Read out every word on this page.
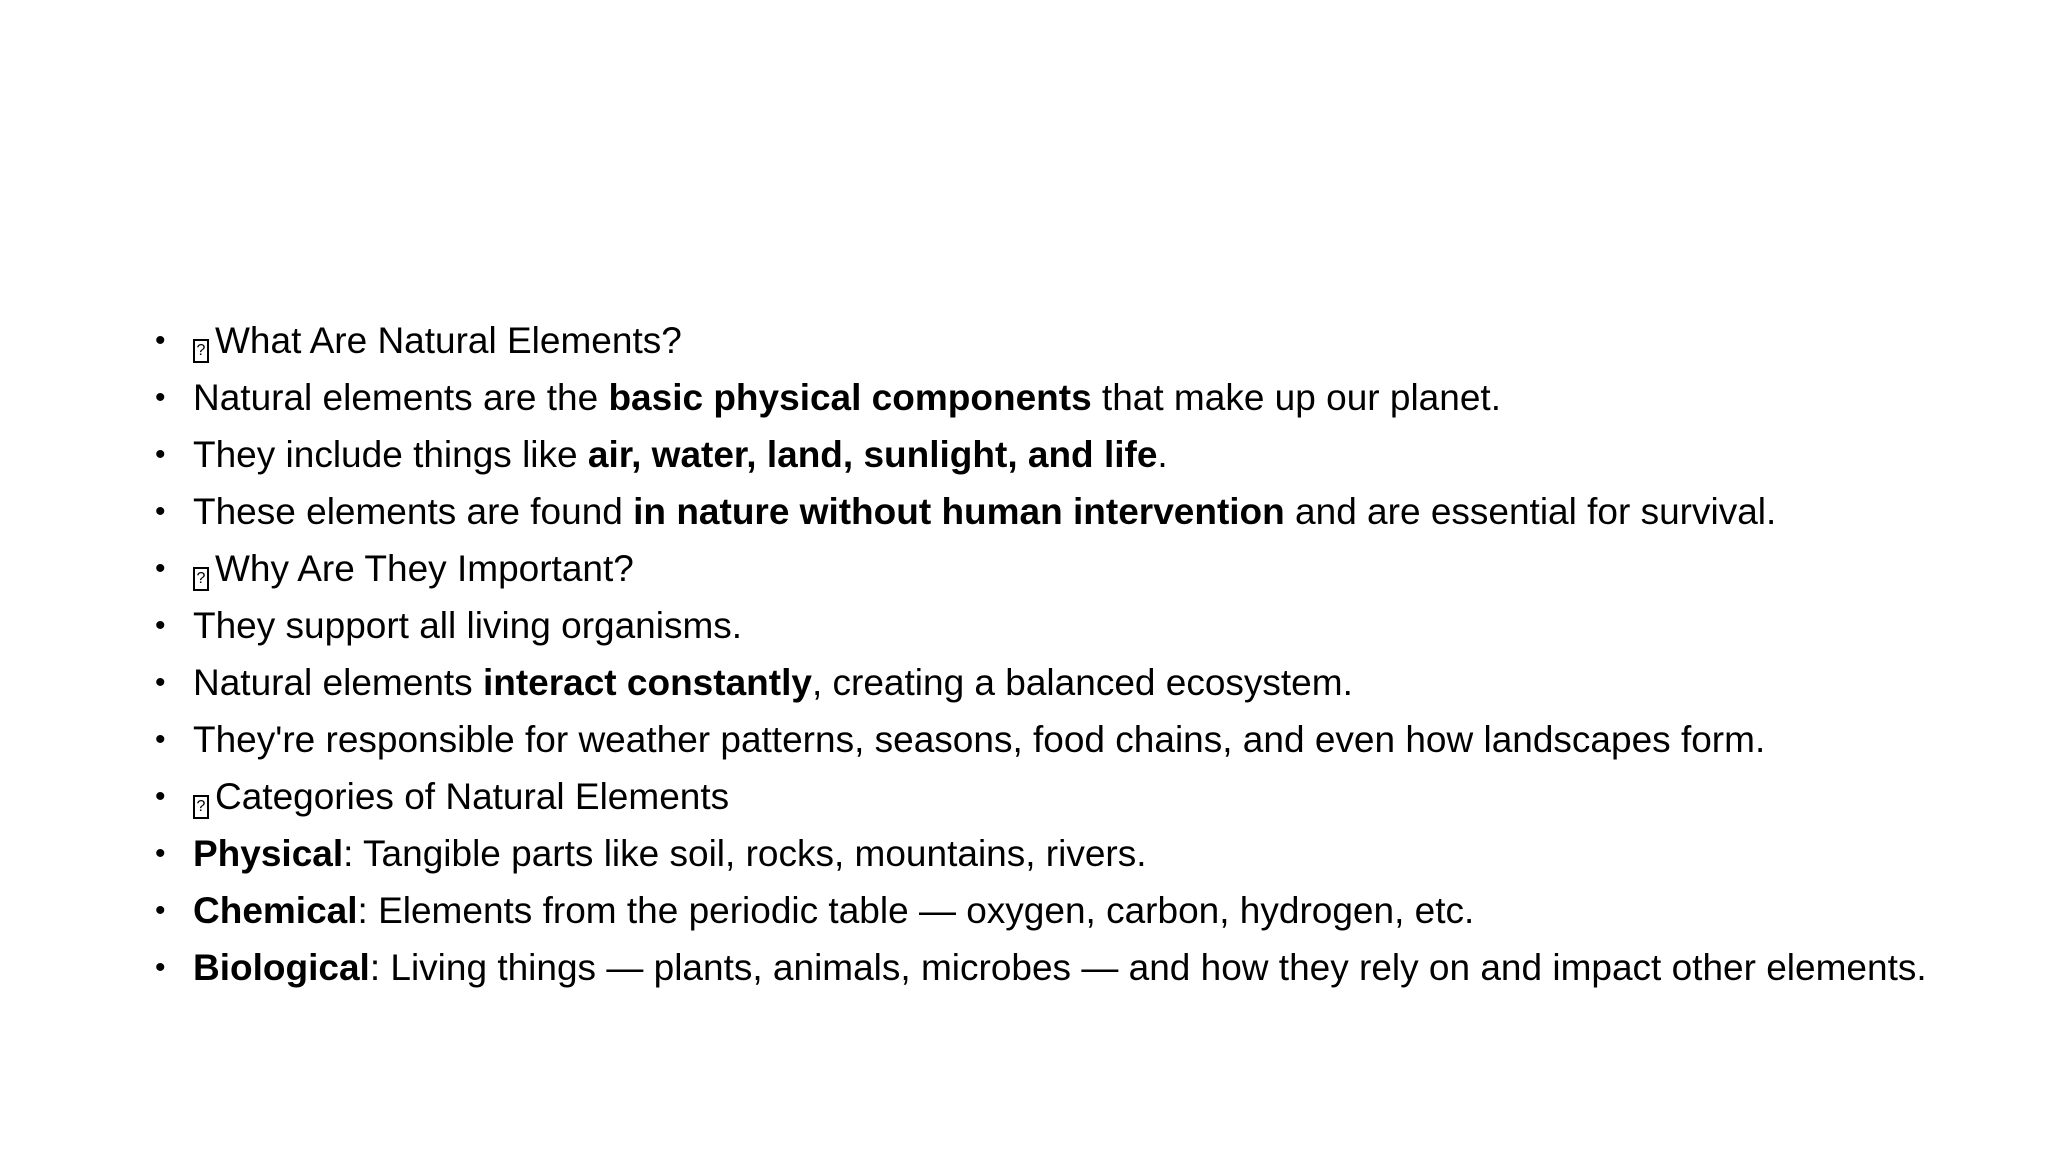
•	? What Are Natural Elements?
• Natural elements are the basic physical components that make up our planet.
• They include things like air, water, land, sunlight, and life.
• These elements are found in nature without human intervention and are essential for survival.
•	? Why Are They Important?
• They support all living organisms.
• Natural elements interact constantly, creating a balanced ecosystem.
• They're responsible for weather patterns, seasons, food chains, and even how landscapes form.
•	? Categories of Natural Elements
• Physical: Tangible parts like soil, rocks, mountains, rivers.
• Chemical: Elements from the periodic table — oxygen, carbon, hydrogen, etc.
• Biological: Living things — plants, animals, microbes — and how they rely on and impact other elements.
